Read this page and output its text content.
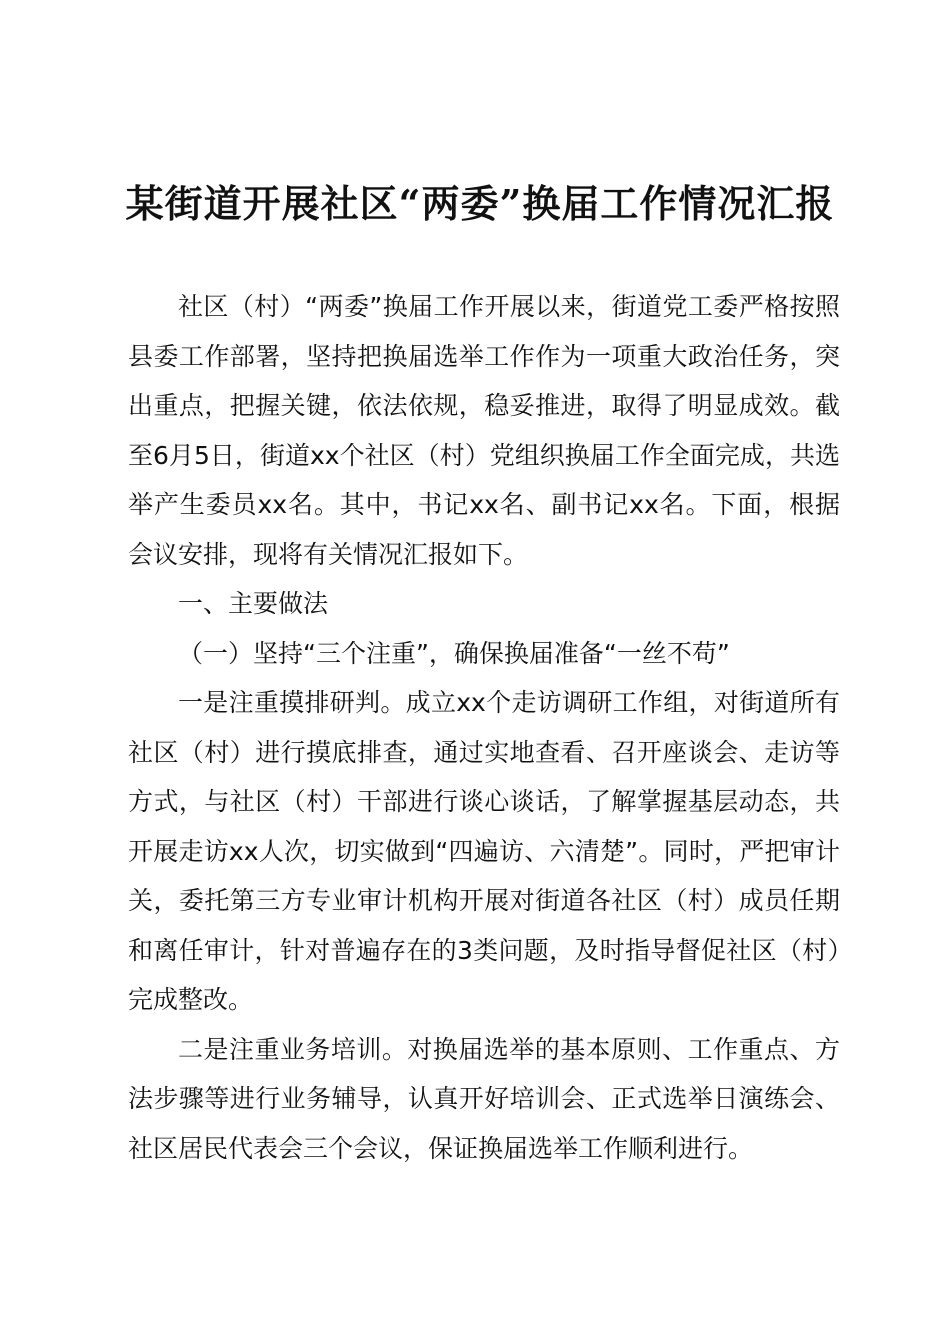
某街道开展社区“两委”换届工作情况汇报

社区（村）“两委”换届工作开展以来，街道党工委严格按照县委工作部署，坚持把换届选举工作作为一项重大政治任务，突出重点，把握关键，依法依规，稳妥推进，取得了明显成效。截至6月5日，街道xx个社区（村）党组织换届工作全面完成，共选举产生委员xx名。其中，书记xx名、副书记xx名。下面，根据会议安排，现将有关情况汇报如下。

一、主要做法

（一）坚持“三个注重”，确保换届准备“一丝不苟”

一是注重摸排研判。成立xx个走访调研工作组，对街道所有社区（村）进行摸底排查，通过实地查看、召开座谈会、走访等方式，与社区（村）干部进行谈心谈话，了解掌握基层动态，共开展走访xx人次，切实做到“四遍访、六清楚”。同时，严把审计关，委托第三方专业审计机构开展对街道各社区（村）成员任期和离任审计，针对普遍存在的3类问题，及时指导督促社区（村）完成整改。

二是注重业务培训。对换届选举的基本原则、工作重点、方法步骤等进行业务辅导，认真开好培训会、正式选举日演练会、社区居民代表会三个会议，保证换届选举工作顺利进行。
